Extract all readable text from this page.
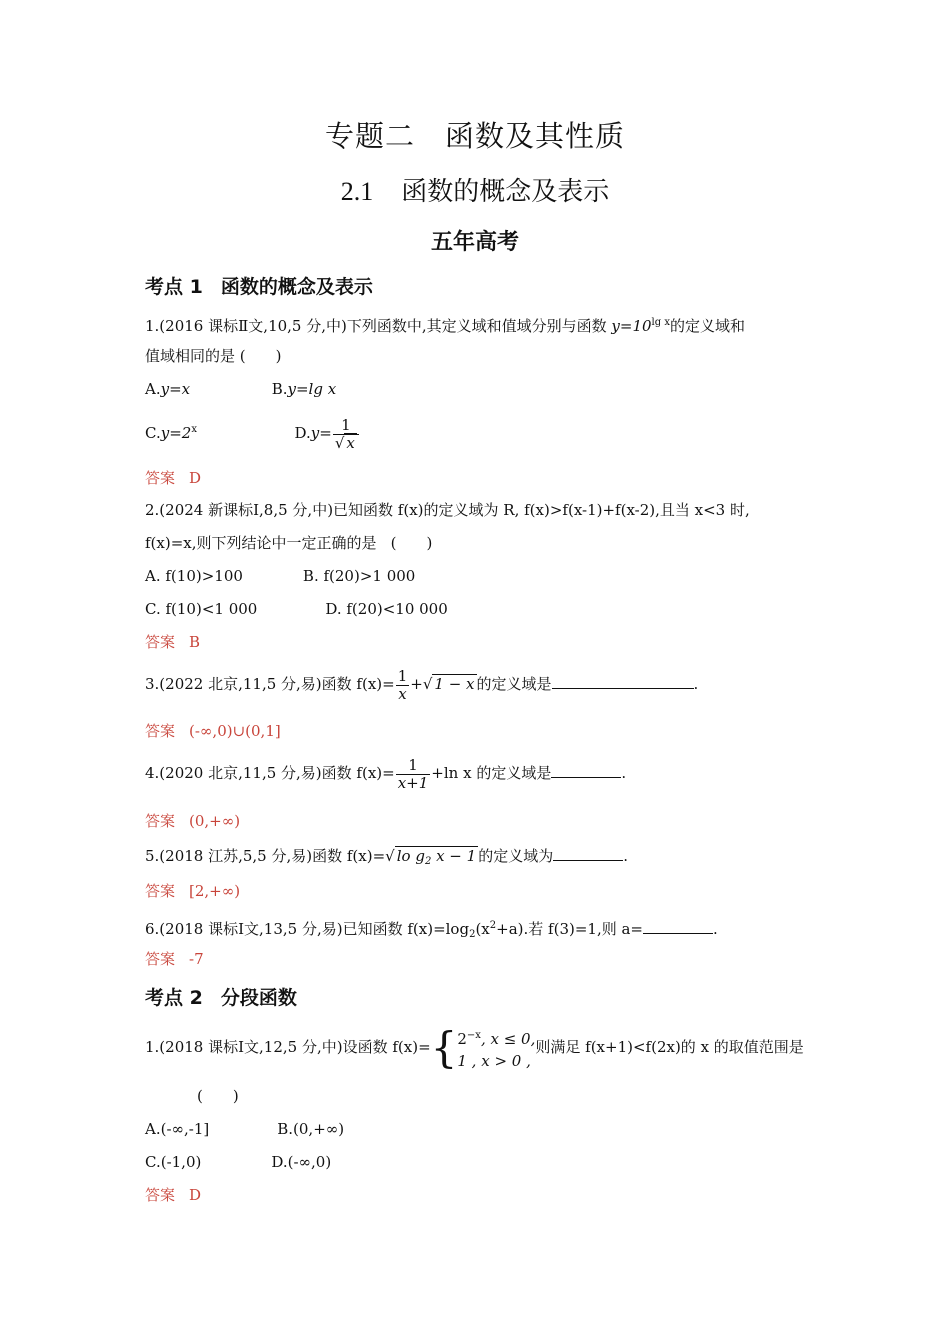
专题二　函数及其性质
2.1 函数的概念及表示
五年高考
考点 1 函数的概念及表示
1.(2016 课标Ⅱ文,10,5 分,中)下列函数中,其定义域和值域分别与函数 $y=10^{lg x}$的定义域和
值域相同的是 (　　)
A.y=x	B.y=lg x
$C.y=2^x$	$D.y= \frac{1}{√ x}$
答案 D
2.(2024 新课标Ⅰ,8,5 分,中)已知函数 f(x)的定义域为 R, f(x)>f(x-1)+f(x-2),且当 x<3 时,
f(x)=x,则下列结论中一定正确的是 (　　)
A. f(10)>100	B. f(20)>1 000
C. f(10)<1 000	D. f(20)<10 000
答案 B
3.(2022 北京,11,5 分,易)函数 $f(x)= \frac{1}{x}$ +√ 1 − x 的定义域是	.
答案 (-∞,0)∪(0,1]
4.(2020 北京,11,5 分,易)函数 $f(x)= \frac{1}{x+1} +\ln$ x 的定义域是	.
答案 (0,+∞)
5.(2018 江苏,5,5 分,易)函数 f(x)=√ lo $g_2$ x − 1 的定义域为	.
答案 [2,+∞)
6.(2018 课标Ⅰ文,13,5 分,易)已知函数 $f(x)=\log_2(x^2+a)$.若 f(3)=1,则 a=	.
答案 -7
考点 2 分段函数
1.(2018 课标Ⅰ文,12,5 分,中)设函数 f(x)={ $2^{-x}$, x ≤ 0,
1 , x > 0 ,
则满足 f(x+1)<f(2x)的 x 的取值范围是
(　　)
A.(-∞,-1]	B.(0,+∞)
C.(-1,0)	D.(-∞,0)
答案 D
